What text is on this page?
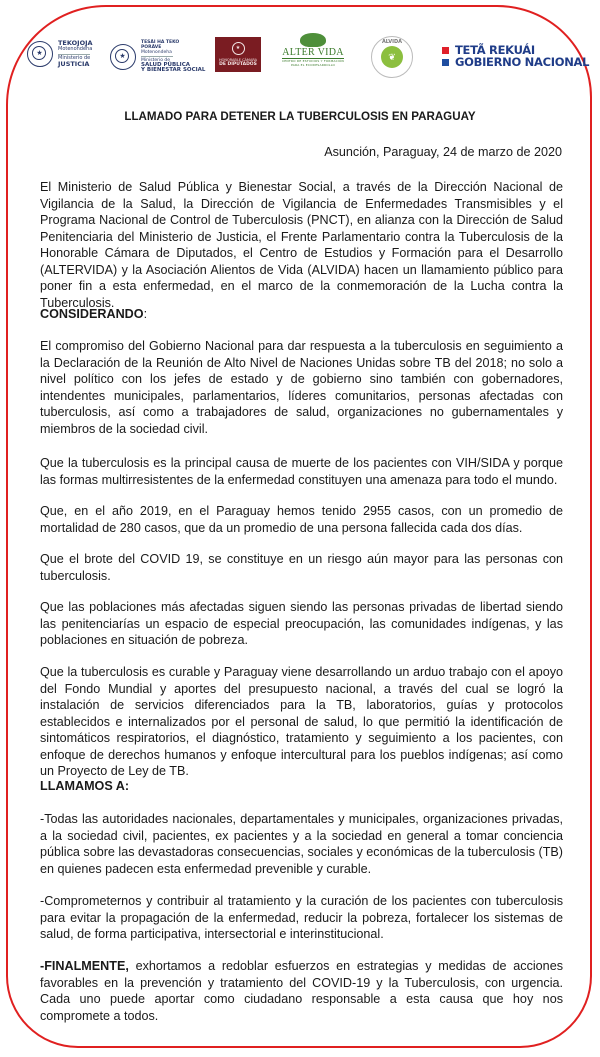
★
TEKOJOJA
Motenondeha
Ministerio de
JUSTICIA
★
TESÃI HA TEKO
PORÃVE
Motenondeha
Ministerio de
SALUD PÚBLICA
Y BIENESTAR SOCIAL
★
HONORABLE CÁMARA
DE DIPUTADOS
ALTER VIDA
CENTRO DE ESTUDIOS Y FORMACIÓN
PARA EL ECODESARROLLO
ALVIDA
❦	TETÃ REKUÁI
GOBIERNO NACIONAL
LLAMADO PARA DETENER LA TUBERCULOSIS EN PARAGUAY
Asunción, Paraguay, 24 de marzo de 2020

El Ministerio de Salud Pública y Bienestar Social, a través de la Dirección Nacional de Vigilancia de la Salud, la Dirección de Vigilancia de Enfermedades Transmisibles y el Programa Nacional de Control de Tuberculosis (PNCT), en alianza con la Dirección de Salud Penitenciaria del Ministerio de Justicia, el Frente Parlamentario contra la Tuberculosis de la Honorable Cámara de Diputados, el Centro de Estudios y Formación para el Desarrollo (ALTERVIDA) y la Asociación Alientos de Vida (ALVIDA) hacen un llamamiento público para poner fin a esta enfermedad, en el marco de la conmemoración de la Lucha contra la Tuberculosis.

CONSIDERANDO:

El compromiso del Gobierno Nacional para dar respuesta a la tuberculosis en seguimiento a la Declaración de la Reunión de Alto Nivel de Naciones Unidas sobre TB del 2018; no solo a nivel político con los jefes de estado y de gobierno sino también con gobernadores, intendentes municipales, parlamentarios, líderes comunitarios, personas afectadas con tuberculosis, así como a trabajadores de salud, organizaciones no gubernamentales y miembros de la sociedad civil.

Que la tuberculosis es la principal causa de muerte de los pacientes con VIH/SIDA y porque las formas multirresistentes de la enfermedad constituyen una amenaza para todo el mundo.

Que, en el año 2019, en el Paraguay hemos tenido 2955 casos, con un promedio de mortalidad de 280 casos, que da un promedio de una persona fallecida cada dos días.

Que el brote del COVID 19, se constituye en un riesgo aún mayor para las personas con tuberculosis.

Que las poblaciones más afectadas siguen siendo las personas privadas de libertad siendo las penitenciarías un espacio de especial preocupación, las comunidades indígenas, y las poblaciones en situación de pobreza.

Que la tuberculosis es curable y Paraguay viene desarrollando un arduo trabajo con el apoyo del Fondo Mundial y aportes del presupuesto nacional, a través del cual se logró la instalación de servicios diferenciados para la TB, laboratorios, guías y protocolos establecidos e internalizados por el personal de salud, lo que permitió la identificación de sintomáticos respiratorios, el diagnóstico, tratamiento y seguimiento a los pacientes, con enfoque de derechos humanos y enfoque intercultural para los pueblos indígenas; así como un Proyecto de Ley de TB.

LLAMAMOS A:

-Todas las autoridades nacionales, departamentales y municipales, organizaciones privadas, a la sociedad civil, pacientes, ex pacientes y a la sociedad en general a tomar conciencia pública sobre las devastadoras consecuencias, sociales y económicas de la tuberculosis (TB) en quienes padecen esta enfermedad prevenible y curable.

-Comprometernos y contribuir al tratamiento y la curación de los pacientes con tuberculosis para evitar la propagación de la enfermedad, reducir la pobreza, fortalecer los sistemas de salud, de forma participativa, intersectorial e interinstitucional.

-FINALMENTE, exhortamos a redoblar esfuerzos en estrategias y medidas de acciones favorables en la prevención y tratamiento del COVID-19 y la Tuberculosis, con urgencia. Cada uno puede aportar como ciudadano responsable a esta causa que hoy nos compromete a todos.
